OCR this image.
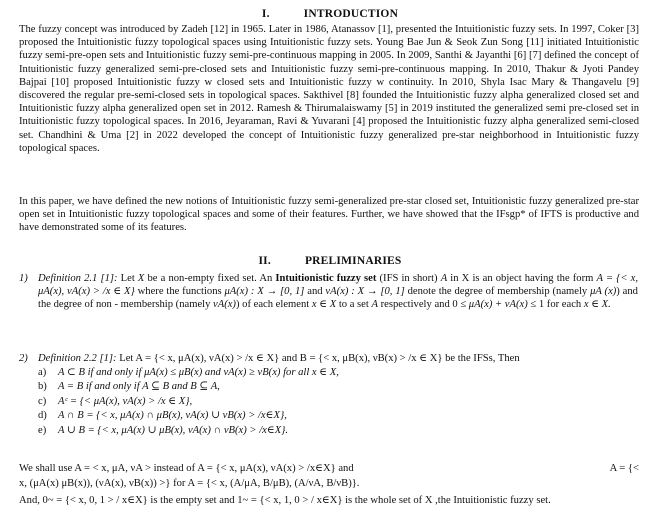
I.	INTRODUCTION
The fuzzy concept was introduced by Zadeh [12] in 1965. Later in 1986, Atanassov [1], presented the Intuitionistic fuzzy sets. In 1997, Coker [3] proposed the Intuitionistic fuzzy topological spaces using Intuitionistic fuzzy sets. Young Bae Jun & Seok Zun Song [11] initiated Intuitionistic fuzzy semi-pre-open sets and Intuitionistic fuzzy semi-pre-continuous mapping in 2005. In 2009, Santhi & Jayanthi [6] [7] defined the concept of Intuitionistic fuzzy generalized semi-pre-closed sets and Intuitionistic fuzzy semi-pre-continuous mapping. In 2010, Thakur & Jyoti Pandey Bajpai [10] proposed Intuitionistic fuzzy w closed sets and Intuitionistic fuzzy w continuity. In 2010, Shyla Isac Mary & Thangavelu [9] discovered the regular pre-semi-closed sets in topological spaces. Sakthivel [8] founded the Intuitionistic fuzzy alpha generalized closed set and Intuitionistic fuzzy alpha generalized open set in 2012. Ramesh & Thirumalaiswamy [5] in 2019 instituted the generalized semi pre-closed set in Intuitionistic fuzzy topological spaces. In 2016, Jeyaraman, Ravi & Yuvarani [4] proposed the Intuitionistic fuzzy alpha generalized semi-closed set. Chandhini & Uma [2] in 2022 developed the concept of Intuitionistic fuzzy generalized pre-star neighborhood in Intuitionistic fuzzy topological spaces.
In this paper, we have defined the new notions of Intuitionistic fuzzy semi-generalized pre-star closed set, Intuitionistic fuzzy generalized pre-star open set in Intuitionistic fuzzy topological spaces and some of their features. Further, we have showed that the IFsgp* of IFTS is productive and have demonstrated some of its features.
II.	PRELIMINARIES
1) Definition 2.1 [1]: Let X be a non-empty fixed set. An Intuitionistic fuzzy set (IFS in short) A in X is an object having the form A = {< x, μA(x), νA(x) > /x ∈ X} where the functions μA(x) : X → [0, 1] and νA(x) : X → [0, 1] denote the degree of membership (namely μA (x)) and the degree of non - membership (namely νA(x)) of each element x ∈ X to a set A respectively and 0 ≤ μA(x) + νA(x) ≤ 1 for each x ∈ X.
2) Definition 2.2 [1]: Let A = {< x, μA(x), νA(x) > /x ∈ X} and B = {< x, μB(x), νB(x) > /x ∈ X} be the IFSs, Then
a)	A ⊂ B if and only if μA(x) ≤ μB(x) and νA(x) ≥ νB(x) for all x ∈ X,
b)	A = B if and only if A ⊆ B and B ⊆ A,
c)	Aᶜ = {< μA(x), νA(x) > /x ∈ X},
d)	A ∩ B = {< x, μA(x) ∩ μB(x), νA(x) ∪ νB(x) > /x∈X},
e)	A ∪ B = {< x, μA(x) ∪ μB(x), νA(x) ∩ νB(x) > /x∈X}.
We shall use A = < x, μA, νA > instead of A = {< x, μA(x), νA(x) > /x∈X} and	A = {<
x, (μA(x) μB(x)), (νA(x), νB(x)) >} for A = {< x, (A/μA, B/μB), (A/νA, B/νB)}.
And, 0~ = {< x, 0, 1 > / x∈X} is the empty set and 1~ = {< x, 1, 0 > / x∈X} is the whole set of X ,the Intuitionistic fuzzy set.
